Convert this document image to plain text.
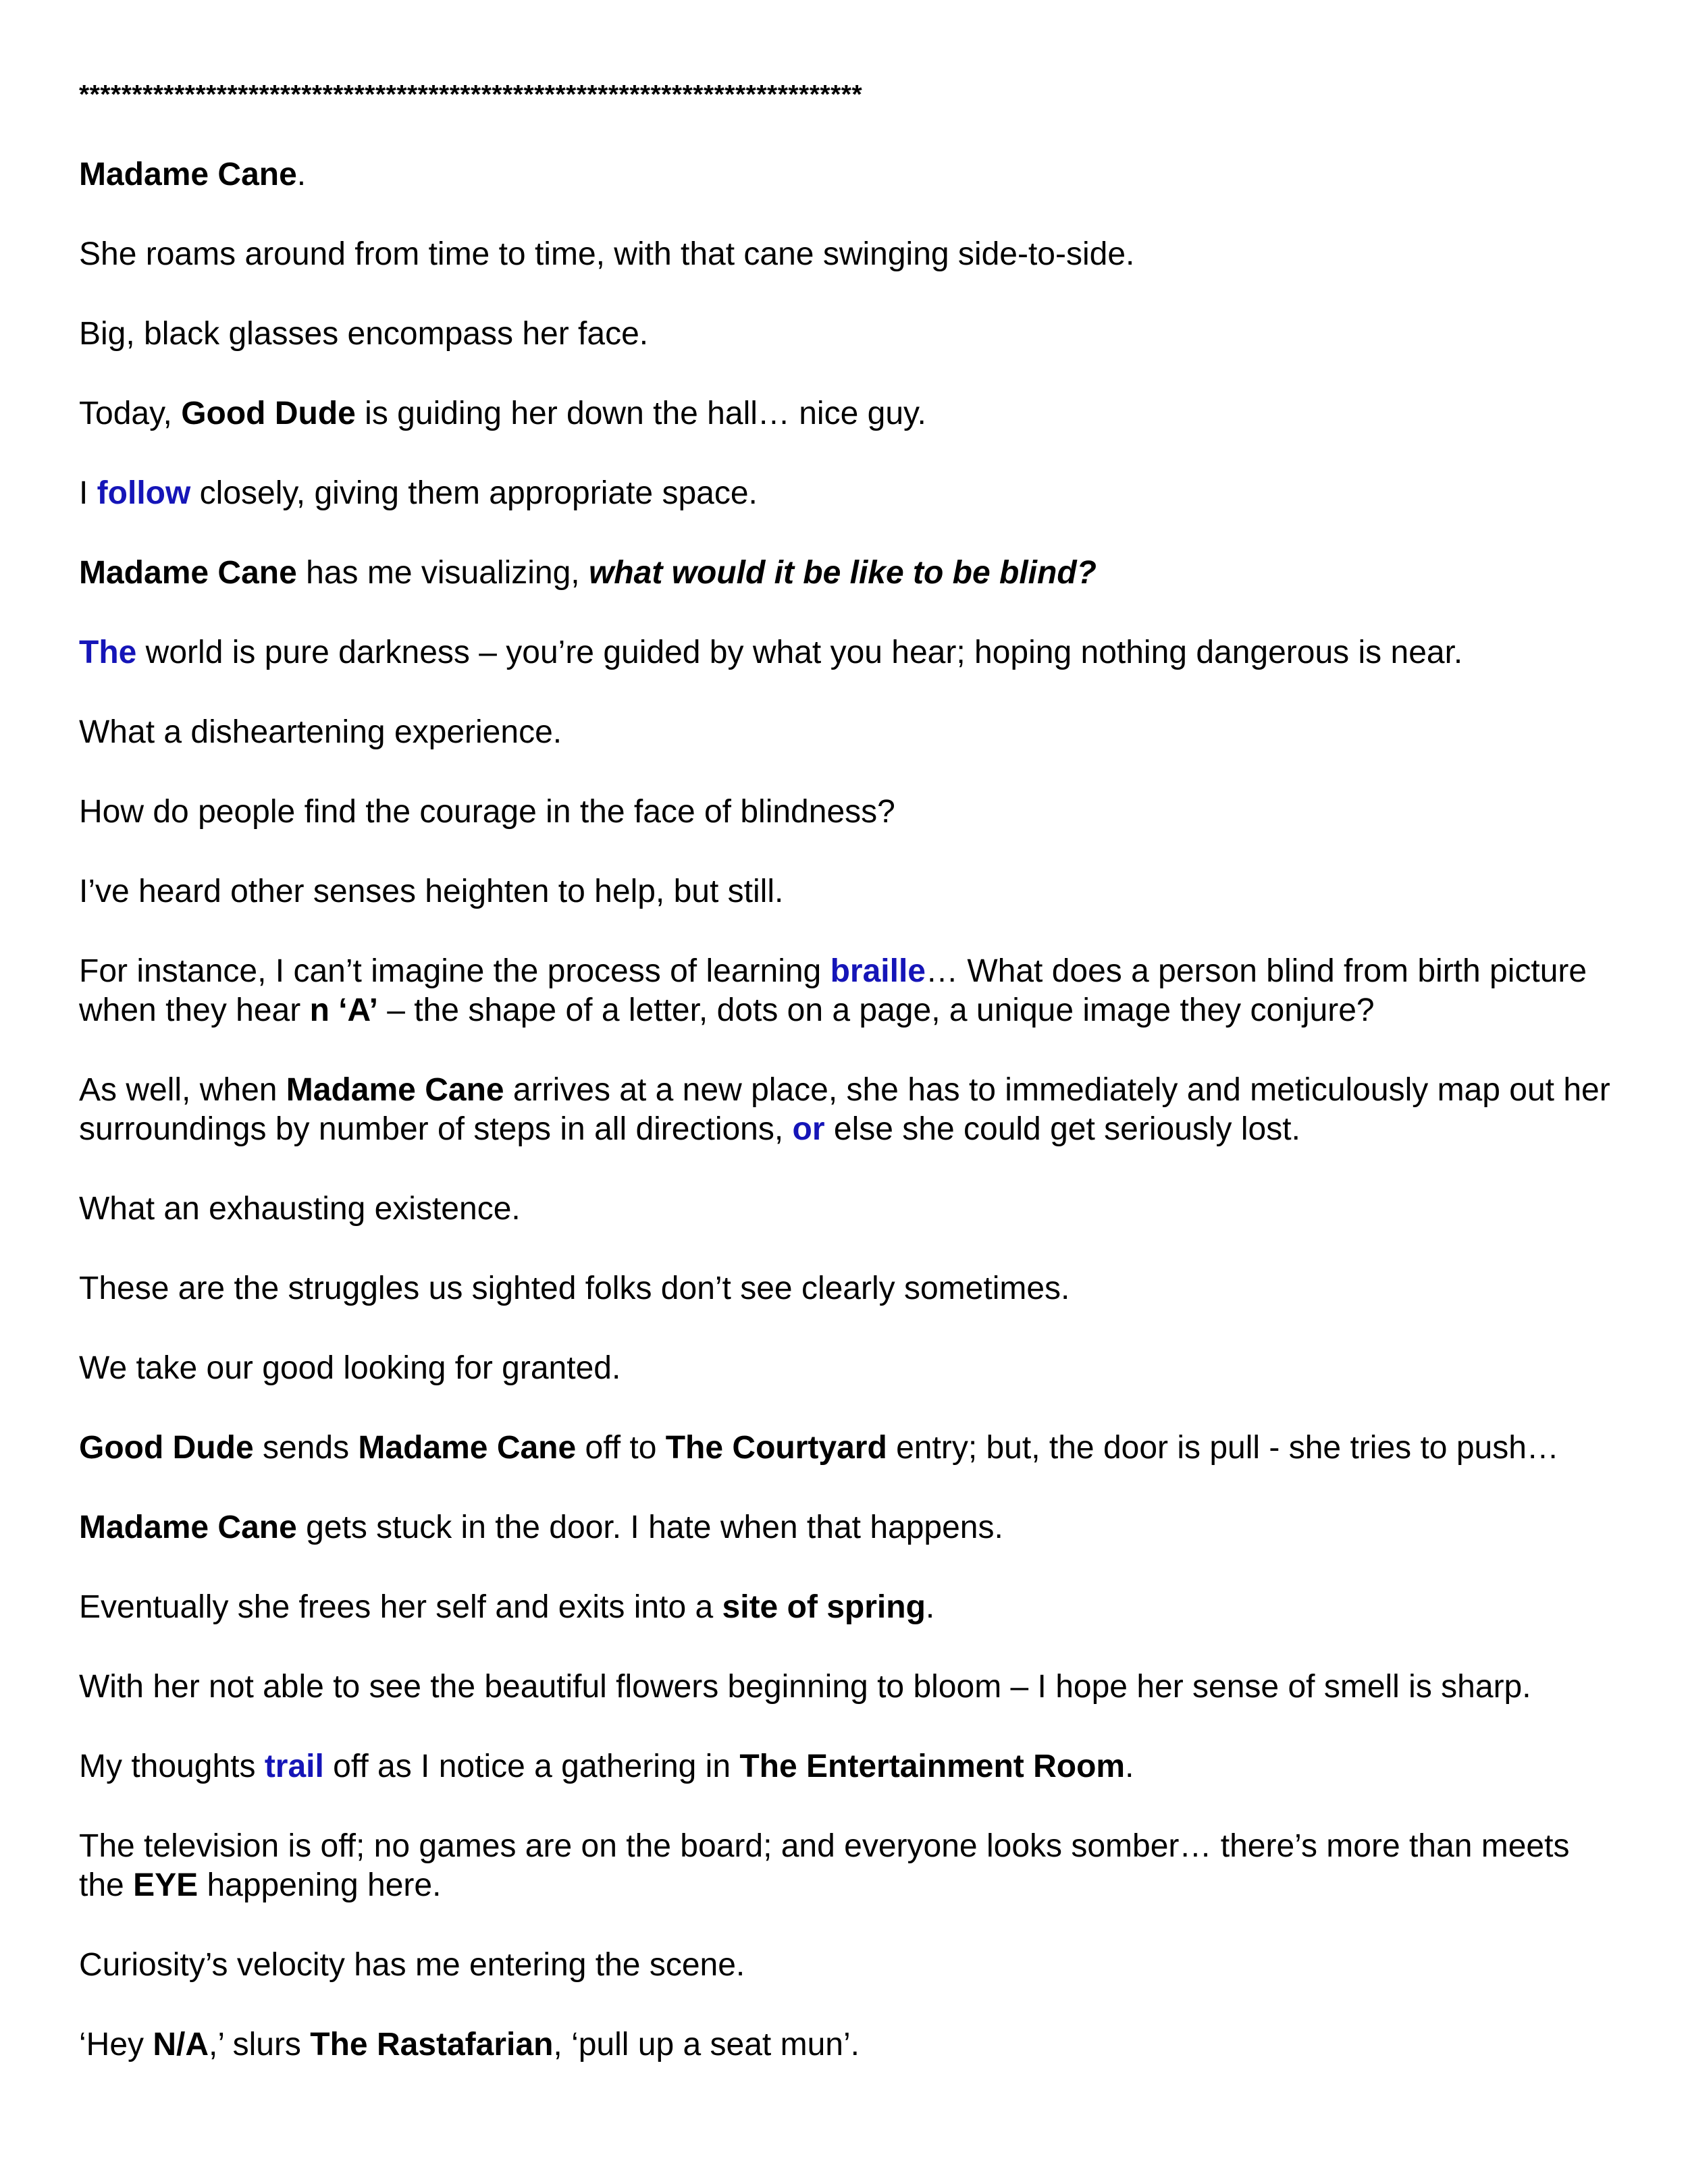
**************************************************************************

Madame Cane.

She roams around from time to time, with that cane swinging side-to-side.

Big, black glasses encompass her face.

Today, Good Dude is guiding her down the hall… nice guy.

I follow closely, giving them appropriate space.

Madame Cane has me visualizing, what would it be like to be blind?

The world is pure darkness – you’re guided by what you hear; hoping nothing dangerous is near.

What a disheartening experience.

How do people find the courage in the face of blindness?

I’ve heard other senses heighten to help, but still.

For instance, I can’t imagine the process of learning braille… What does a person blind from birth picture when they hear n ‘A’ – the shape of a letter, dots on a page, a unique image they conjure?

As well, when Madame Cane arrives at a new place, she has to immediately and meticulously map out her surroundings by number of steps in all directions, or else she could get seriously lost.

What an exhausting existence.

These are the struggles us sighted folks don’t see clearly sometimes.

We take our good looking for granted.

Good Dude sends Madame Cane off to The Courtyard entry; but, the door is pull - she tries to push…

Madame Cane gets stuck in the door. I hate when that happens.

Eventually she frees her self and exits into a site of spring.

With her not able to see the beautiful flowers beginning to bloom – I hope her sense of smell is sharp.

My thoughts trail off as I notice a gathering in The Entertainment Room.

The television is off; no games are on the board; and everyone looks somber… there’s more than meets the EYE happening here.

Curiosity’s velocity has me entering the scene.

‘Hey N/A,’ slurs The Rastafarian, ‘pull up a seat mun’.
